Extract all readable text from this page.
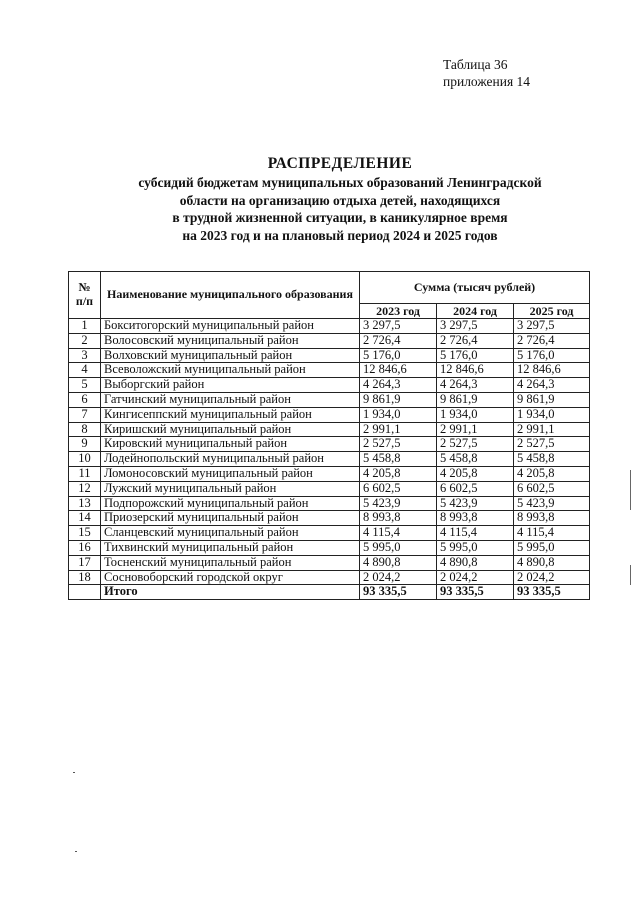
Таблица 36
приложения 14
РАСПРЕДЕЛЕНИЕ
субсидий бюджетам муниципальных образований Ленинградской
области на организацию отдыха детей, находящихся
в трудной жизненной ситуации, в каникулярное время
на 2023 год и на плановый период 2024 и 2025 годов
№ п/п	Наименование муниципального образования	Сумма (тысяч рублей)		
		2023 год	2024 год	2025 год
1	Бокситогорский муниципальный район	3 297,5	3 297,5	3 297,5
2	Волосовский муниципальный район	2 726,4	2 726,4	2 726,4
3	Волховский муниципальный район	5 176,0	5 176,0	5 176,0
4	Всеволожский муниципальный район	12 846,6	12 846,6	12 846,6
5	Выборгский район	4 264,3	4 264,3	4 264,3
6	Гатчинский муниципальный район	9 861,9	9 861,9	9 861,9
7	Кингисеппский муниципальный район	1 934,0	1 934,0	1 934,0
8	Киришский муниципальный район	2 991,1	2 991,1	2 991,1
9	Кировский муниципальный район	2 527,5	2 527,5	2 527,5
10	Лодейнопольский муниципальный район	5 458,8	5 458,8	5 458,8
11	Ломоносовский муниципальный район	4 205,8	4 205,8	4 205,8
12	Лужский муниципальный район	6 602,5	6 602,5	6 602,5
13	Подпорожский муниципальный район	5 423,9	5 423,9	5 423,9
14	Приозерский муниципальный район	8 993,8	8 993,8	8 993,8
15	Сланцевский муниципальный район	4 115,4	4 115,4	4 115,4
16	Тихвинский муниципальный район	5 995,0	5 995,0	5 995,0
17	Тосненский муниципальный район	4 890,8	4 890,8	4 890,8
18	Сосновоборский городской округ	2 024,2	2 024,2	2 024,2
	Итого	93 335,5	93 335,5	93 335,5
